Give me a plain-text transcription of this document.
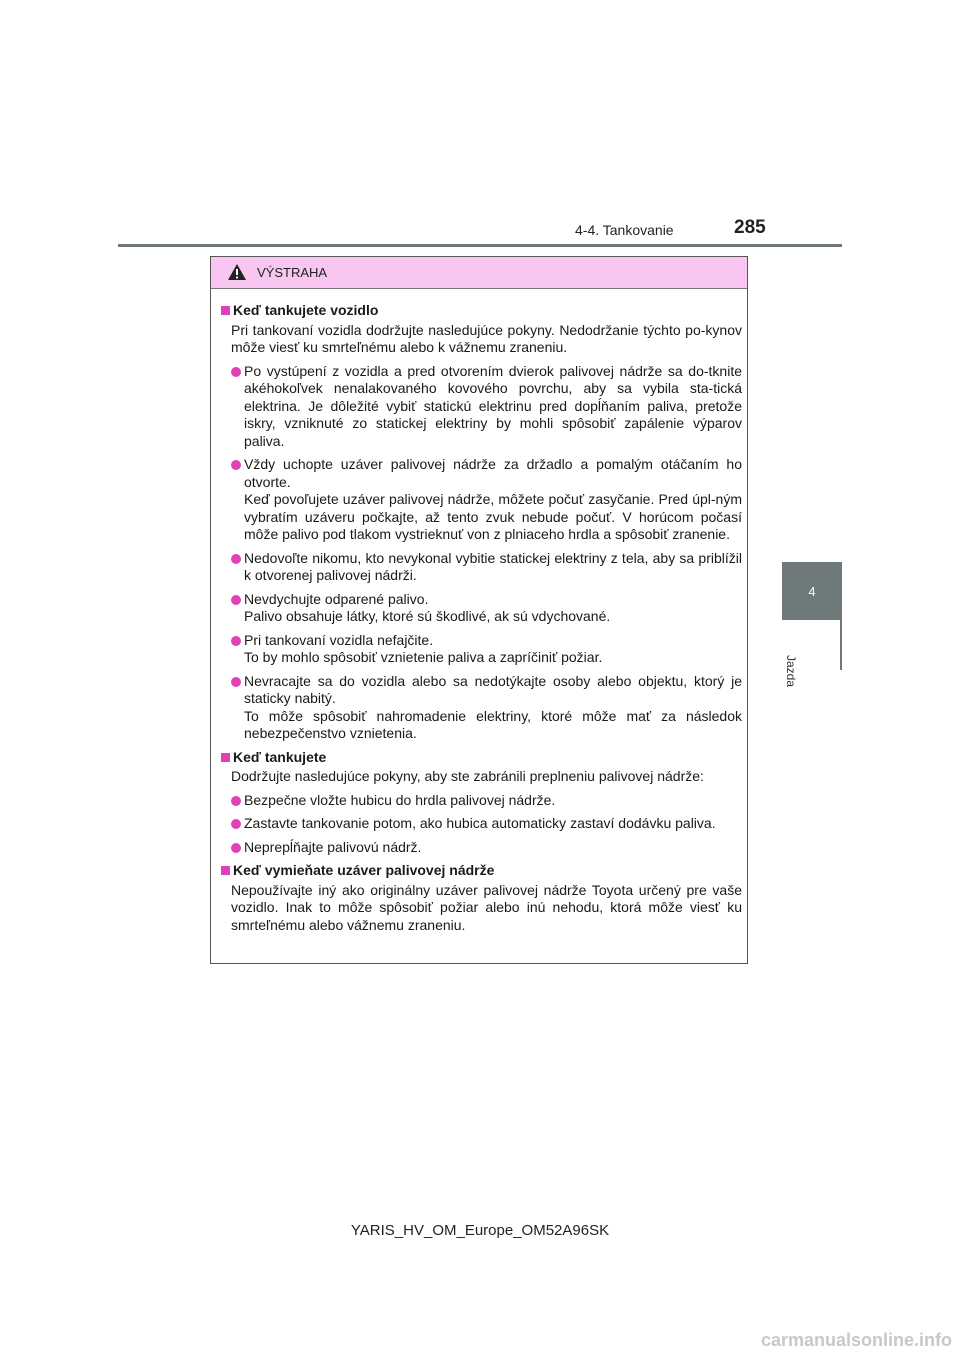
4-4. Tankovanie	285
4
Jazda
VÝSTRAHA
Keď tankujete vozidlo
Pri tankovaní vozidla dodržujte nasledujúce pokyny. Nedodržanie týchto po-kynov môže viesť ku smrteľnému alebo k vážnemu zraneniu.
Po vystúpení z vozidla a pred otvorením dvierok palivovej nádrže sa do-tknite akéhokoľvek nenalakovaného kovového povrchu, aby sa vybila sta-tická elektrina. Je dôležité vybiť statickú elektrinu pred dopĺňaním paliva, pretože iskry, vzniknuté zo statickej elektriny by mohli spôsobiť zapálenie výparov paliva.
Vždy uchopte uzáver palivovej nádrže za držadlo a pomalým otáčaním ho otvorte.
Keď povoľujete uzáver palivovej nádrže, môžete počuť zasyčanie. Pred úpl-ným vybratím uzáveru počkajte, až tento zvuk nebude počuť. V horúcom počasí môže palivo pod tlakom vystrieknuť von z plniaceho hrdla a spôsobiť zranenie.
Nedovoľte nikomu, kto nevykonal vybitie statickej elektriny z tela, aby sa priblížil k otvorenej palivovej nádrži.
Nevdychujte odparené palivo.
Palivo obsahuje látky, ktoré sú škodlivé, ak sú vdychované.
Pri tankovaní vozidla nefajčite.
To by mohlo spôsobiť vznietenie paliva a zapríčiniť požiar.
Nevracajte sa do vozidla alebo sa nedotýkajte osoby alebo objektu, ktorý je staticky nabitý.
To môže spôsobiť nahromadenie elektriny, ktoré môže mať za následok nebezpečenstvo vznietenia.
Keď tankujete
Dodržujte nasledujúce pokyny, aby ste zabránili preplneniu palivovej nádrže:
Bezpečne vložte hubicu do hrdla palivovej nádrže.
Zastavte tankovanie potom, ako hubica automaticky zastaví dodávku paliva.
Neprepĺňajte palivovú nádrž.
Keď vymieňate uzáver palivovej nádrže
Nepoužívajte iný ako originálny uzáver palivovej nádrže Toyota určený pre vaše vozidlo. Inak to môže spôsobiť požiar alebo inú nehodu, ktorá môže viesť ku smrteľnému alebo vážnemu zraneniu.
YARIS_HV_OM_Europe_OM52A96SK
carmanualsonline.info
